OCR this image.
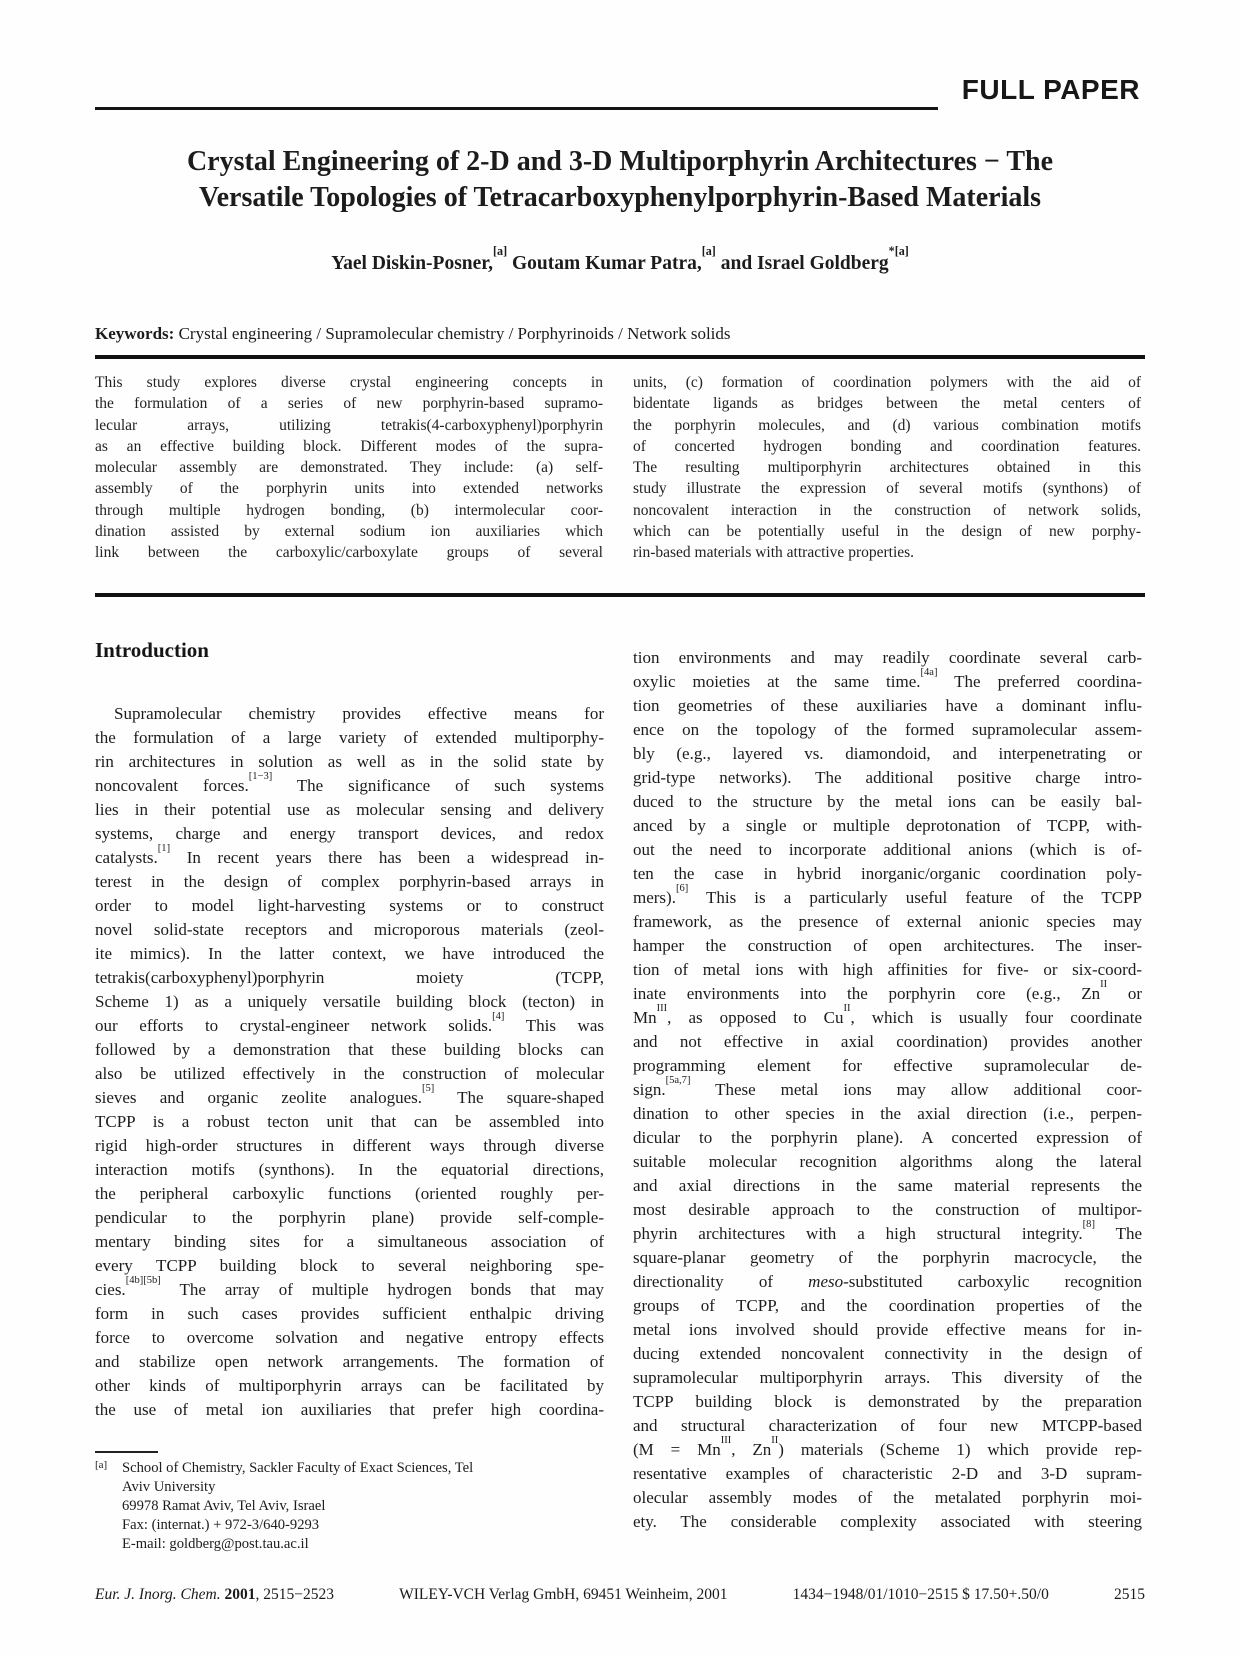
FULL PAPER
Crystal Engineering of 2-D and 3-D Multiporphyrin Architectures − The
Versatile Topologies of Tetracarboxyphenylporphyrin-Based Materials
Yael Diskin-Posner,[a] Goutam Kumar Patra,[a] and Israel Goldberg$^{*[a]}$
Keywords: Crystal engineering / Supramolecular chemistry / Porphyrinoids / Network solids
This study explores diverse crystal engineering concepts in
the formulation of a series of new porphyrin-based supramo-
lecular arrays, utilizing tetrakis(4-carboxyphenyl)porphyrin
as an effective building block. Different modes of the supra-
molecular assembly are demonstrated. They include: (a) self-
assembly of the porphyrin units into extended networks
through multiple hydrogen bonding, (b) intermolecular coor-
dination assisted by external sodium ion auxiliaries which
link between the carboxylic/carboxylate groups of several
units, (c) formation of coordination polymers with the aid of
bidentate ligands as bridges between the metal centers of
the porphyrin molecules, and (d) various combination motifs
of concerted hydrogen bonding and coordination features.
The resulting multiporphyrin architectures obtained in this
study illustrate the expression of several motifs (synthons) of
noncovalent interaction in the construction of network solids,
which can be potentially useful in the design of new porphy-
rin-based materials with attractive properties.
Introduction
Supramolecular chemistry provides effective means for
the formulation of a large variety of extended multiporphy-
rin architectures in solution as well as in the solid state by
noncovalent forces.[1−3] The significance of such systems
lies in their potential use as molecular sensing and delivery
systems, charge and energy transport devices, and redox
catalysts.[1] In recent years there has been a widespread in-
terest in the design of complex porphyrin-based arrays in
order to model light-harvesting systems or to construct
novel solid-state receptors and microporous materials (zeol-
ite mimics). In the latter context, we have introduced the
tetrakis(carboxyphenyl)porphyrin moiety (TCPP,
Scheme 1) as a uniquely versatile building block (tecton) in
our efforts to crystal-engineer network solids.[4] This was
followed by a demonstration that these building blocks can
also be utilized effectively in the construction of molecular
sieves and organic zeolite analogues.[5] The square-shaped
TCPP is a robust tecton unit that can be assembled into
rigid high-order structures in different ways through diverse
interaction motifs (synthons). In the equatorial directions,
the peripheral carboxylic functions (oriented roughly per-
pendicular to the porphyrin plane) provide self-comple-
mentary binding sites for a simultaneous association of
every TCPP building block to several neighboring spe-
cies.[4b][5b] The array of multiple hydrogen bonds that may
form in such cases provides sufficient enthalpic driving
force to overcome solvation and negative entropy effects
and stabilize open network arrangements. The formation of
other kinds of multiporphyrin arrays can be facilitated by
the use of metal ion auxiliaries that prefer high coordina-
tion environments and may readily coordinate several carb-
oxylic moieties at the same time.[4a] The preferred coordina-
tion geometries of these auxiliaries have a dominant influ-
ence on the topology of the formed supramolecular assem-
bly (e.g., layered vs. diamondoid, and interpenetrating or
grid-type networks). The additional positive charge intro-
duced to the structure by the metal ions can be easily bal-
anced by a single or multiple deprotonation of TCPP, with-
out the need to incorporate additional anions (which is of-
ten the case in hybrid inorganic/organic coordination poly-
mers).[6] This is a particularly useful feature of the TCPP
framework, as the presence of external anionic species may
hamper the construction of open architectures. The inser-
tion of metal ions with high affinities for five- or six-coord-
inate environments into the porphyrin core (e.g., $Zn^{II}$ or
$Mn^{III}$, as opposed to $Cu^{II}$, which is usually four coordinate
and not effective in axial coordination) provides another
programming element for effective supramolecular de-
sign.[5a,7] These metal ions may allow additional coor-
dination to other species in the axial direction (i.e., perpen-
dicular to the porphyrin plane). A concerted expression of
suitable molecular recognition algorithms along the lateral
and axial directions in the same material represents the
most desirable approach to the construction of multipor-
phyrin architectures with a high structural integrity.[8] The
square-planar geometry of the porphyrin macrocycle, the
directionality of meso-substituted carboxylic recognition
groups of TCPP, and the coordination properties of the
metal ions involved should provide effective means for in-
ducing extended noncovalent connectivity in the design of
supramolecular multiporphyrin arrays. This diversity of the
TCPP building block is demonstrated by the preparation
and structural characterization of four new MTCPP-based
($M = Mn^{III}$, $Zn^{II}$) materials (Scheme 1) which provide rep-
resentative examples of characteristic 2-D and 3-D supram-
olecular assembly modes of the metalated porphyrin moi-
ety. The considerable complexity associated with steering
[a] School of Chemistry, Sackler Faculty of Exact Sciences, Tel
Aviv University
69978 Ramat Aviv, Tel Aviv, Israel
Fax: (internat.) + 972-3/640-9293
E-mail: goldberg@post.tau.ac.il
Eur. J. Inorg. Chem. 2001, 2515−2523	WILEY-VCH Verlag GmbH, 69451 Weinheim, 2001	1434−1948/01/1010−2515 $ 17.50+.50/0	2515
